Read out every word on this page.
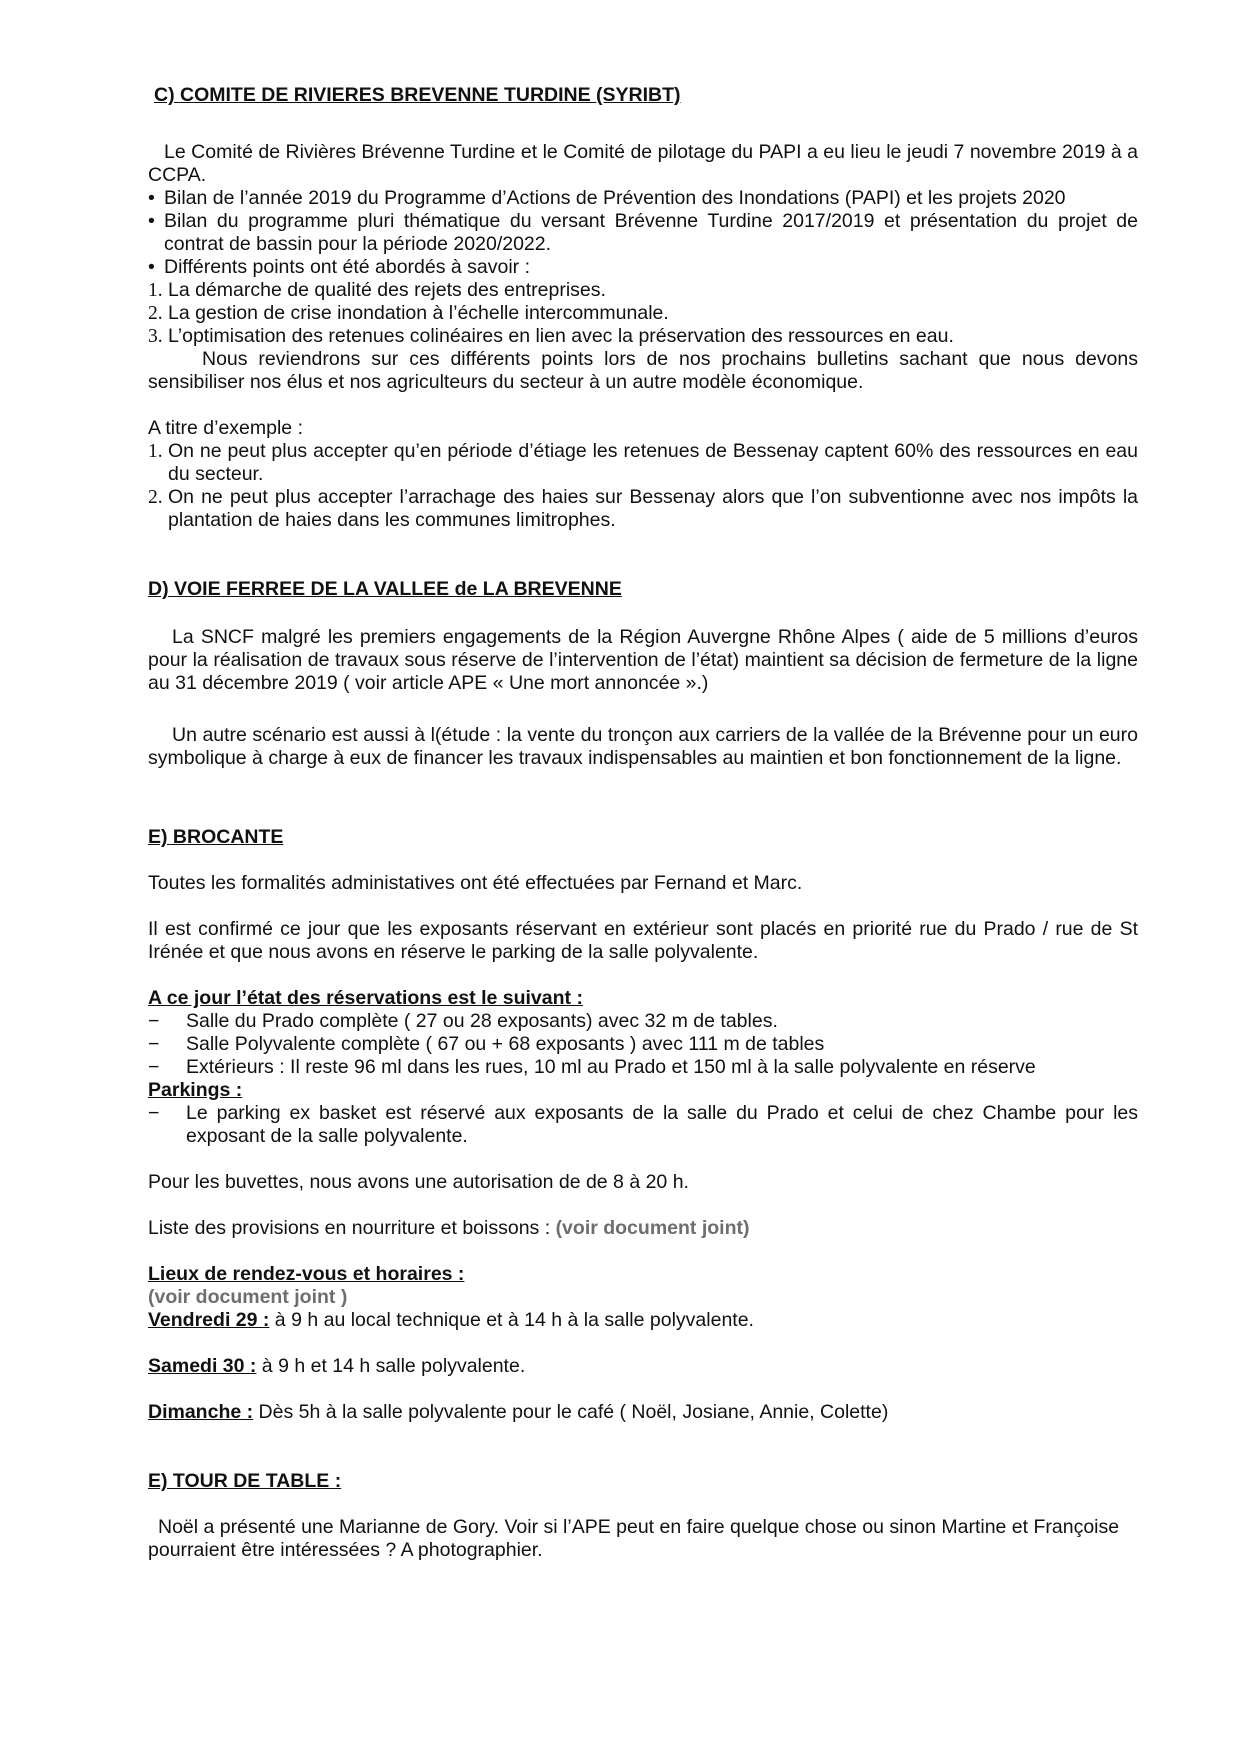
C) COMITE DE RIVIERES BREVENNE TURDINE (SYRIBT)

Le Comité de Rivières Brévenne Turdine et le Comité de pilotage du PAPI a eu lieu le jeudi 7 novembre 2019 à a CCPA.

• Bilan de l’année 2019 du Programme d’Actions de Prévention des Inondations (PAPI) et les projets 2020
• Bilan du programme pluri thématique du versant Brévenne Turdine 2017/2019 et présentation du projet de contrat de bassin pour la période 2020/2022.
• Différents points ont été abordés à savoir :
1. La démarche de qualité des rejets des entreprises.
2. La gestion de crise inondation à l’échelle intercommunale.
3. L’optimisation des retenues colinéaires en lien avec la préservation des ressources en eau.

Nous reviendrons sur ces différents points lors de nos prochains bulletins sachant que nous devons sensibiliser nos élus et nos agriculteurs du secteur à un autre modèle économique.

A titre d’exemple :

1. On ne peut plus accepter qu’en période d’étiage les retenues de Bessenay captent 60% des ressources en eau du secteur.
2. On ne peut plus accepter l’arrachage des haies sur Bessenay alors que l’on subventionne avec nos impôts la plantation de haies dans les communes limitrophes.

D) VOIE FERREE DE LA VALLEE de LA BREVENNE

La SNCF malgré les premiers engagements de la Région Auvergne Rhône Alpes ( aide de 5 millions d’euros pour la réalisation de travaux sous réserve de l’intervention de l’état) maintient sa décision de fermeture de la ligne au 31 décembre 2019 ( voir article APE « Une mort annoncée ».)

Un autre scénario est aussi à l(étude : la vente du tronçon aux carriers de la vallée de la Brévenne pour un euro symbolique à charge à eux de financer les travaux indispensables au maintien et bon fonctionnement de la ligne.

E) BROCANTE

Toutes les formalités administatives ont été effectuées par Fernand et Marc.

Il est confirmé ce jour que les exposants réservant en extérieur sont placés en priorité rue du Prado / rue de St Irénée et que nous avons en réserve le parking de la salle polyvalente.

A ce jour l’état des réservations est le suivant :

− Salle du Prado complète ( 27 ou 28 exposants) avec 32 m de tables.
− Salle Polyvalente complète ( 67 ou + 68 exposants ) avec 111 m de tables
− Extérieurs : Il reste 96 ml dans les rues, 10 ml au Prado et 150 ml à la salle polyvalente en réserve

Parkings :

− Le parking ex basket est réservé aux exposants de la salle du Prado et celui de chez Chambe pour les exposant de la salle polyvalente.

Pour les buvettes, nous avons une autorisation de de 8 à 20 h.

Liste des provisions en nourriture et boissons : (voir document joint)

Lieux de rendez-vous et horaires :

(voir document joint )

Vendredi 29 : à 9 h au local technique et à 14 h à la salle polyvalente.

Samedi 30 : à 9 h et 14 h salle polyvalente.

Dimanche : Dès 5h à la salle polyvalente pour le café ( Noël, Josiane, Annie, Colette)

E) TOUR DE TABLE :

Noël a présenté une Marianne de Gory. Voir si l’APE peut en faire quelque chose ou sinon Martine et Françoise pourraient être intéressées ? A photographier.
